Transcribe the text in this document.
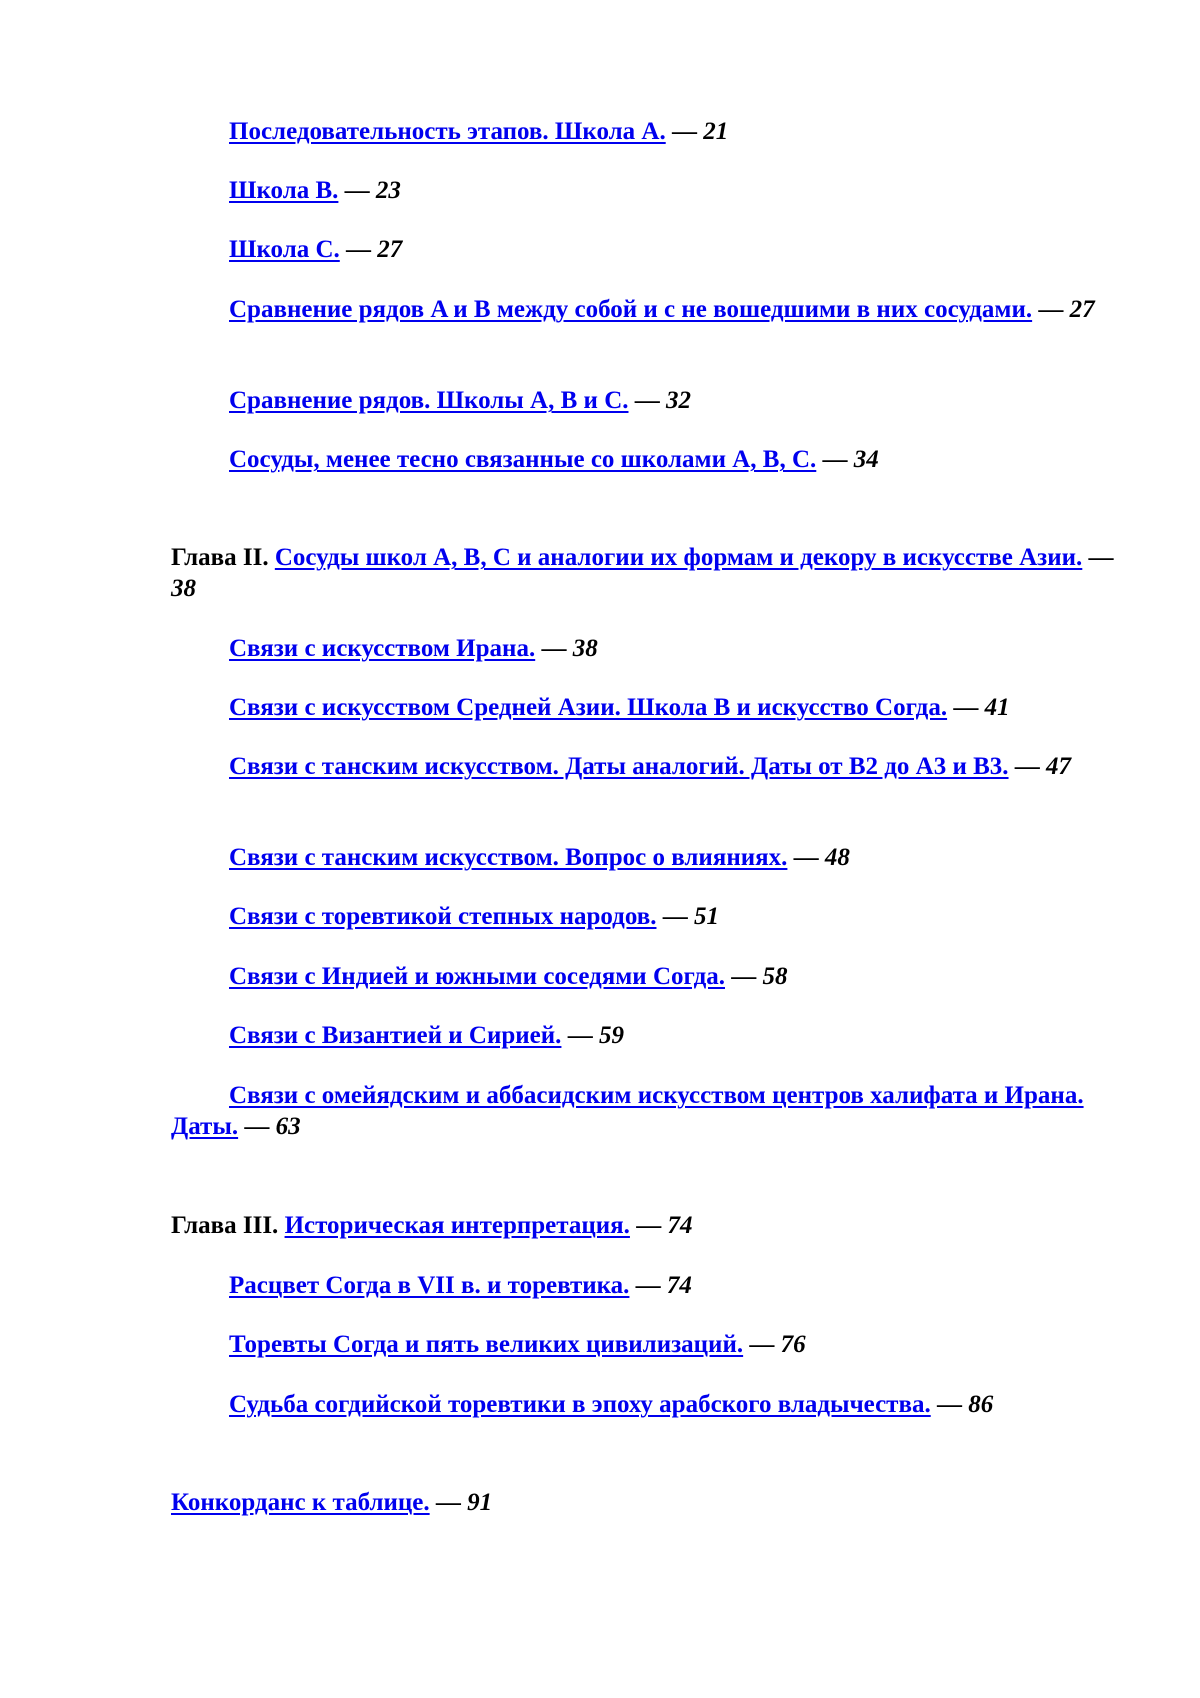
Последовательность этапов. Школа А. — 21
Школа B. — 23
Школа C. — 27
Сравнение рядов A и B между собой и с не вошедшими в них сосудами. — 27
Сравнение рядов. Школы A, B и C. — 32
Сосуды, менее тесно связанные со школами A, B, C. — 34
Глава II. Сосуды школ A, B, C и аналогии их формам и декору в искусстве Азии. — 38
Связи с искусством Ирана. — 38
Связи с искусством Средней Азии. Школа B и искусство Согда. — 41
Связи с танским искусством. Даты аналогий. Даты от B2 до A3 и B3. — 47
Связи с танским искусством. Вопрос о влияниях. — 48
Связи с торевтикой степных народов. — 51
Связи с Индией и южными соседями Согда. — 58
Связи с Византией и Сирией. — 59
Связи с омейядским и аббасидским искусством центров халифата и Ирана. Даты. — 63
Глава III. Историческая интерпретация. — 74
Расцвет Согда в VII в. и торевтика. — 74
Торевты Согда и пять великих цивилизаций. — 76
Судьба согдийской торевтики в эпоху арабского владычества. — 86
Конкорданс к таблице. — 91
